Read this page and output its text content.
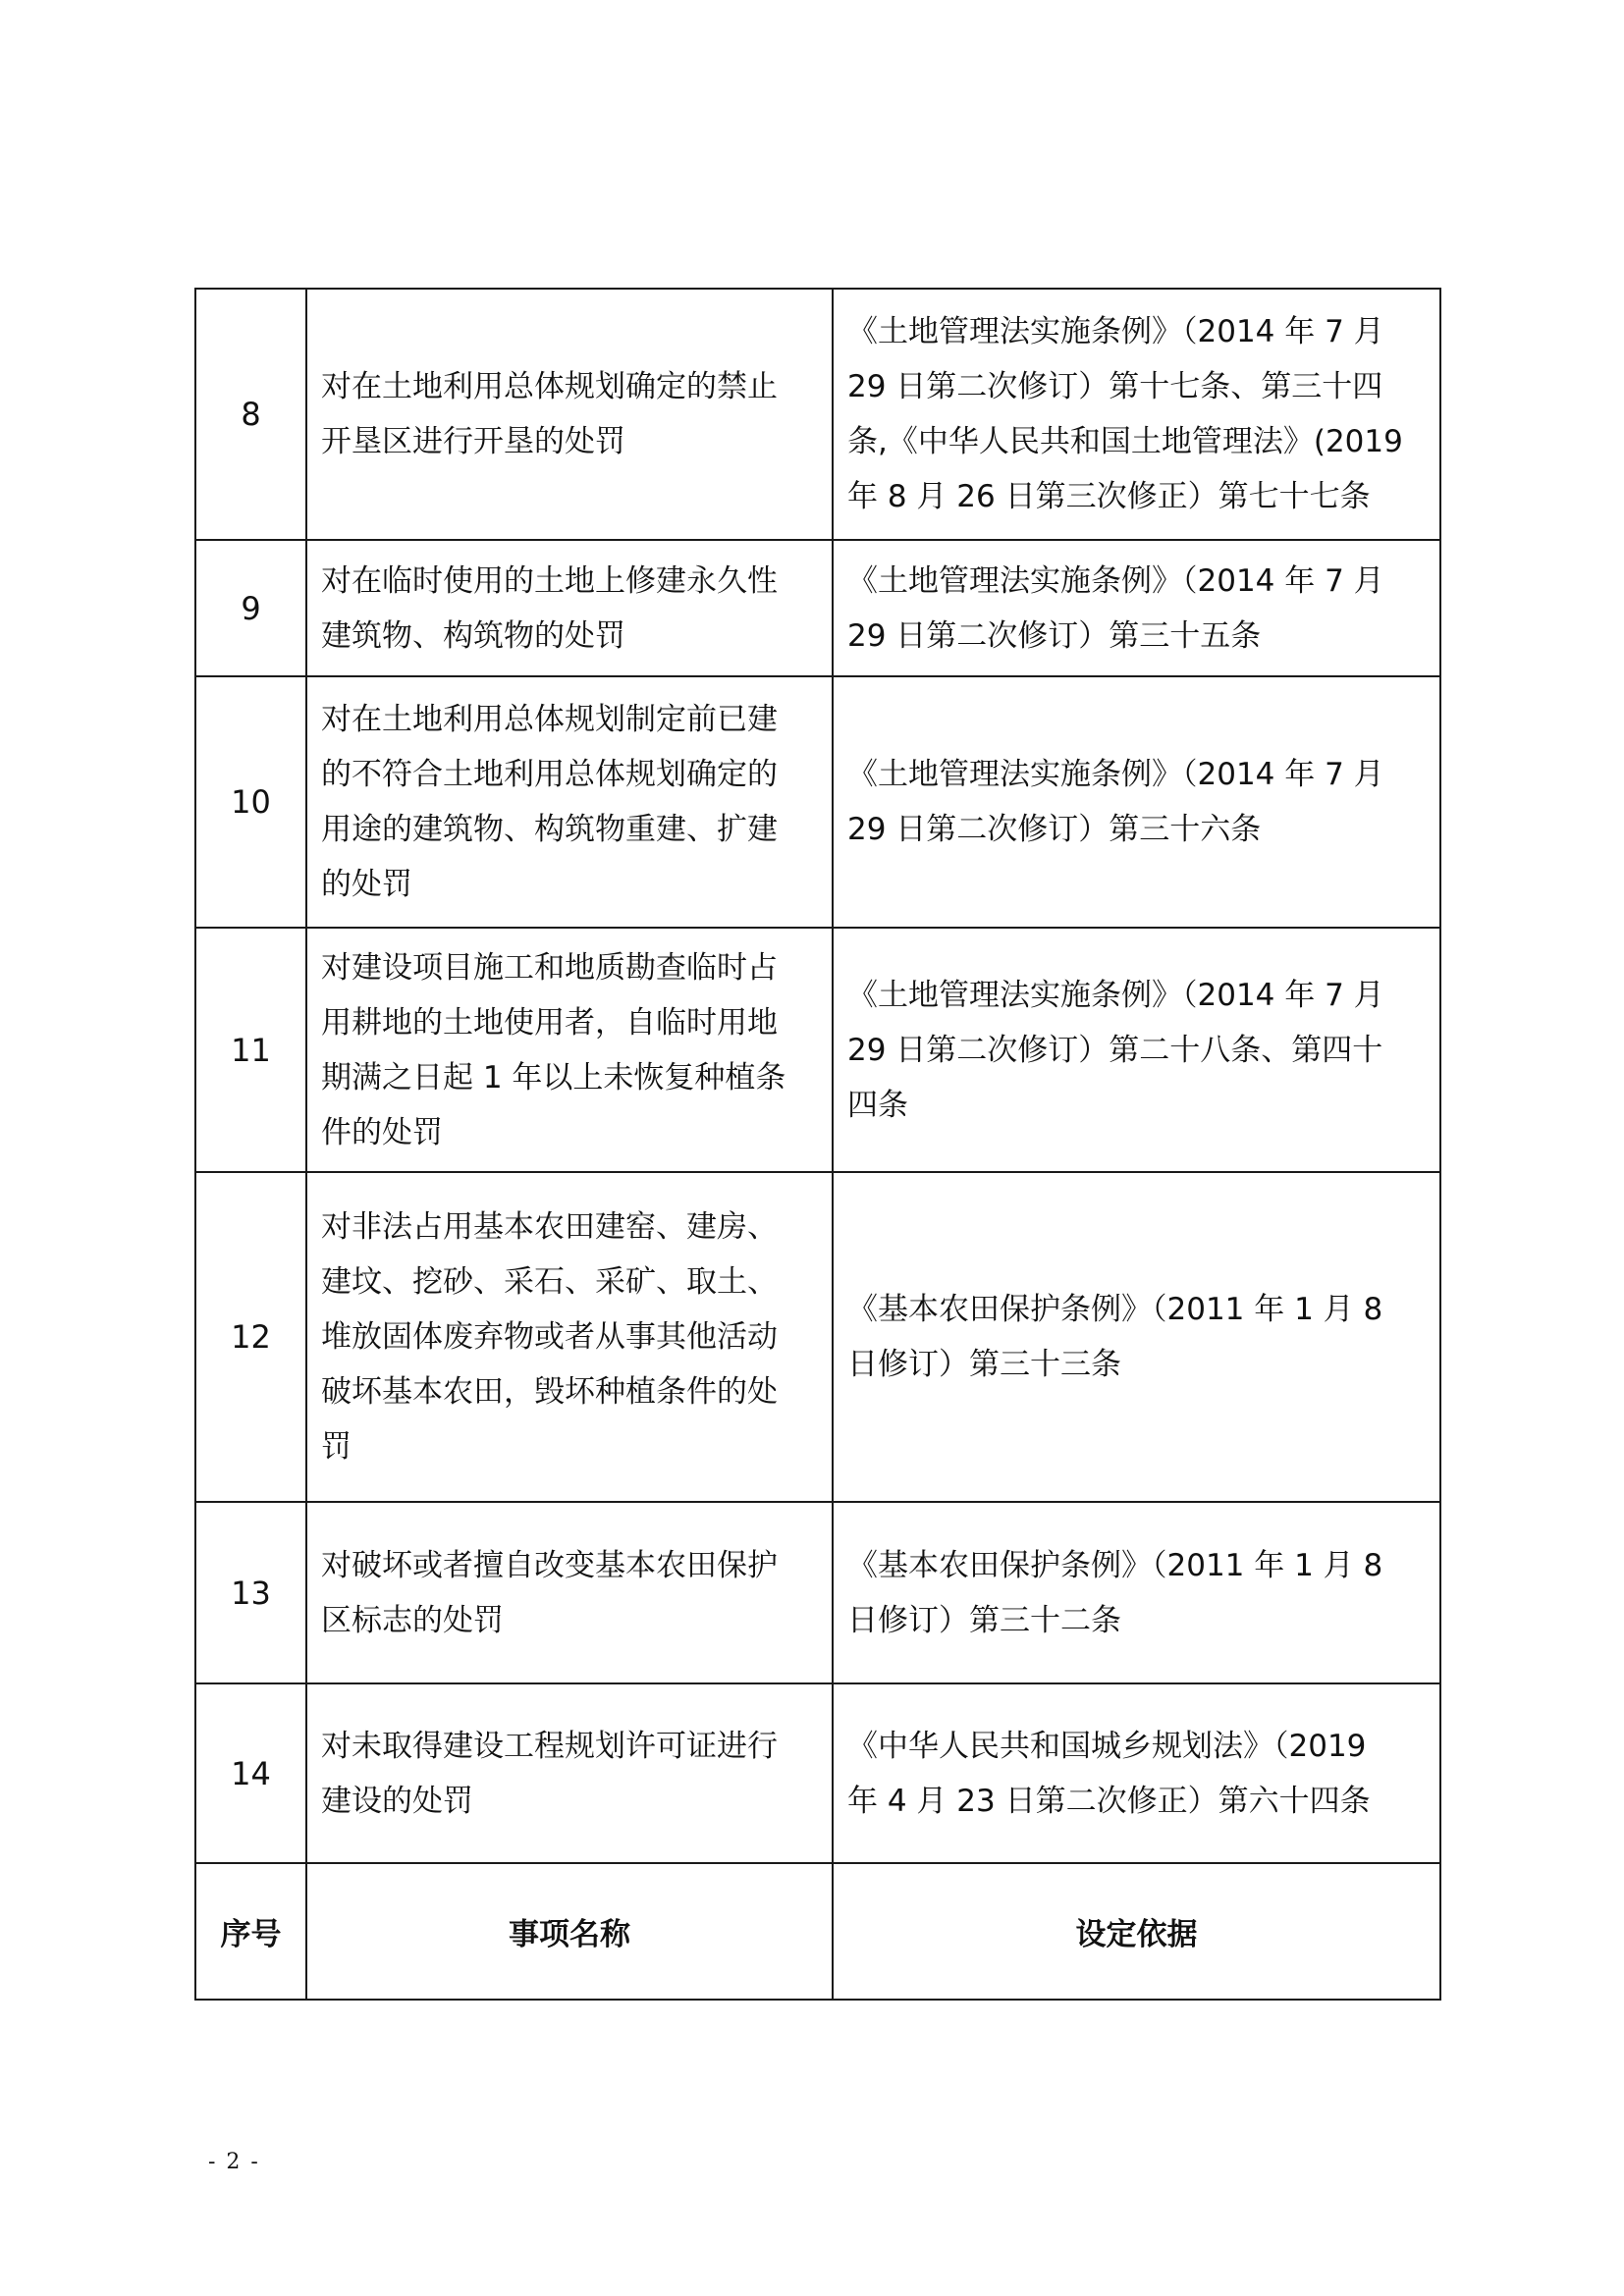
8	对在土地利用总体规划确定的禁止
开垦区进行开垦的处罚	《土地管理法实施条例》（2014 年 7 月
29 日第二次修订）第十七条、第三十四
条,《中华人民共和国土地管理法》(2019
年 8 月 26 日第三次修正）第七十七条

9	对在临时使用的土地上修建永久性
建筑物、构筑物的处罚	《土地管理法实施条例》（2014 年 7 月
29 日第二次修订）第三十五条

10	对在土地利用总体规划制定前已建
的不符合土地利用总体规划确定的
用途的建筑物、构筑物重建、扩建
的处罚	《土地管理法实施条例》（2014 年 7 月
29 日第二次修订）第三十六条

11	对建设项目施工和地质勘查临时占
用耕地的土地使用者，自临时用地
期满之日起 1 年以上未恢复种植条
件的处罚	《土地管理法实施条例》（2014 年 7 月
29 日第二次修订）第二十八条、第四十
四条

12	对非法占用基本农田建窑、建房、
建坟、挖砂、采石、采矿、取土、
堆放固体废弃物或者从事其他活动
破坏基本农田，毁坏种植条件的处
罚	《基本农田保护条例》（2011 年 1 月 8
日修订）第三十三条

13	对破坏或者擅自改变基本农田保护
区标志的处罚	《基本农田保护条例》（2011 年 1 月 8
日修订）第三十二条

14	对未取得建设工程规划许可证进行
建设的处罚	《中华人民共和国城乡规划法》（2019
年 4 月 23 日第二次修正）第六十四条

序号	事项名称	设定依据
- 2 -
